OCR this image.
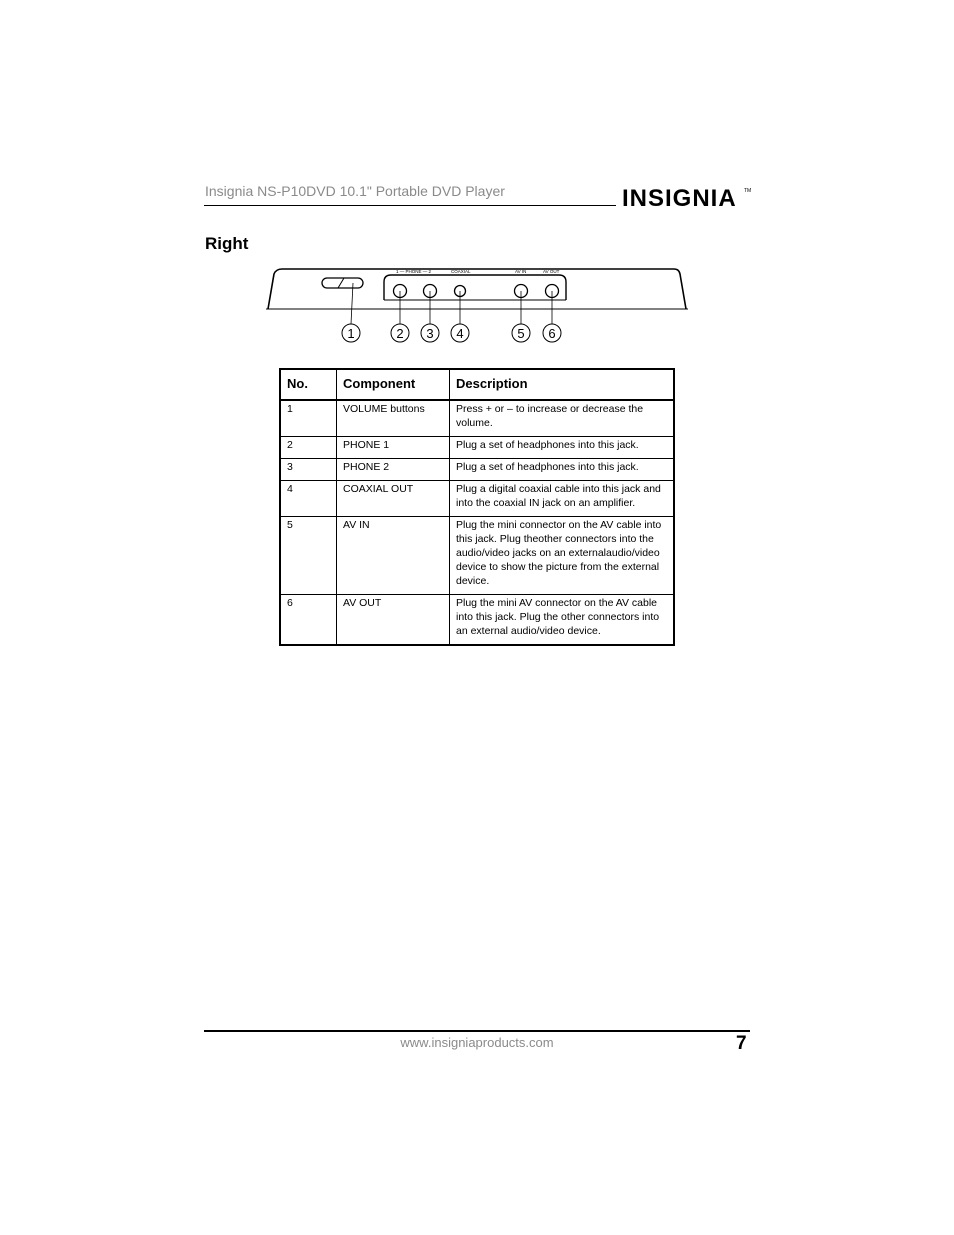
Insignia NS-P10DVD 10.1" Portable DVD Player	INSIGNIA TM
Right
1 — PHONE — 2	COAXIAL	AV IN	AV OUT
1	2 3 4	5 6
No.	Component	Description
1	VOLUME buttons	Press + or – to increase or decrease the volume.
2	PHONE 1	Plug a set of headphones into this jack.
3	PHONE 2	Plug a set of headphones into this jack.
4	COAXIAL OUT	Plug a digital coaxial cable into this jack and into the coaxial IN jack on an amplifier.
5	AV IN	Plug the mini connector on the AV cable into this jack. Plug theother connectors into the audio/video jacks on an externalaudio/video device to show the picture from the external device.
6	AV OUT	Plug the mini AV connector on the AV cable into this jack. Plug the other connectors into an external audio/video device.
www.insigniaproducts.com	7
